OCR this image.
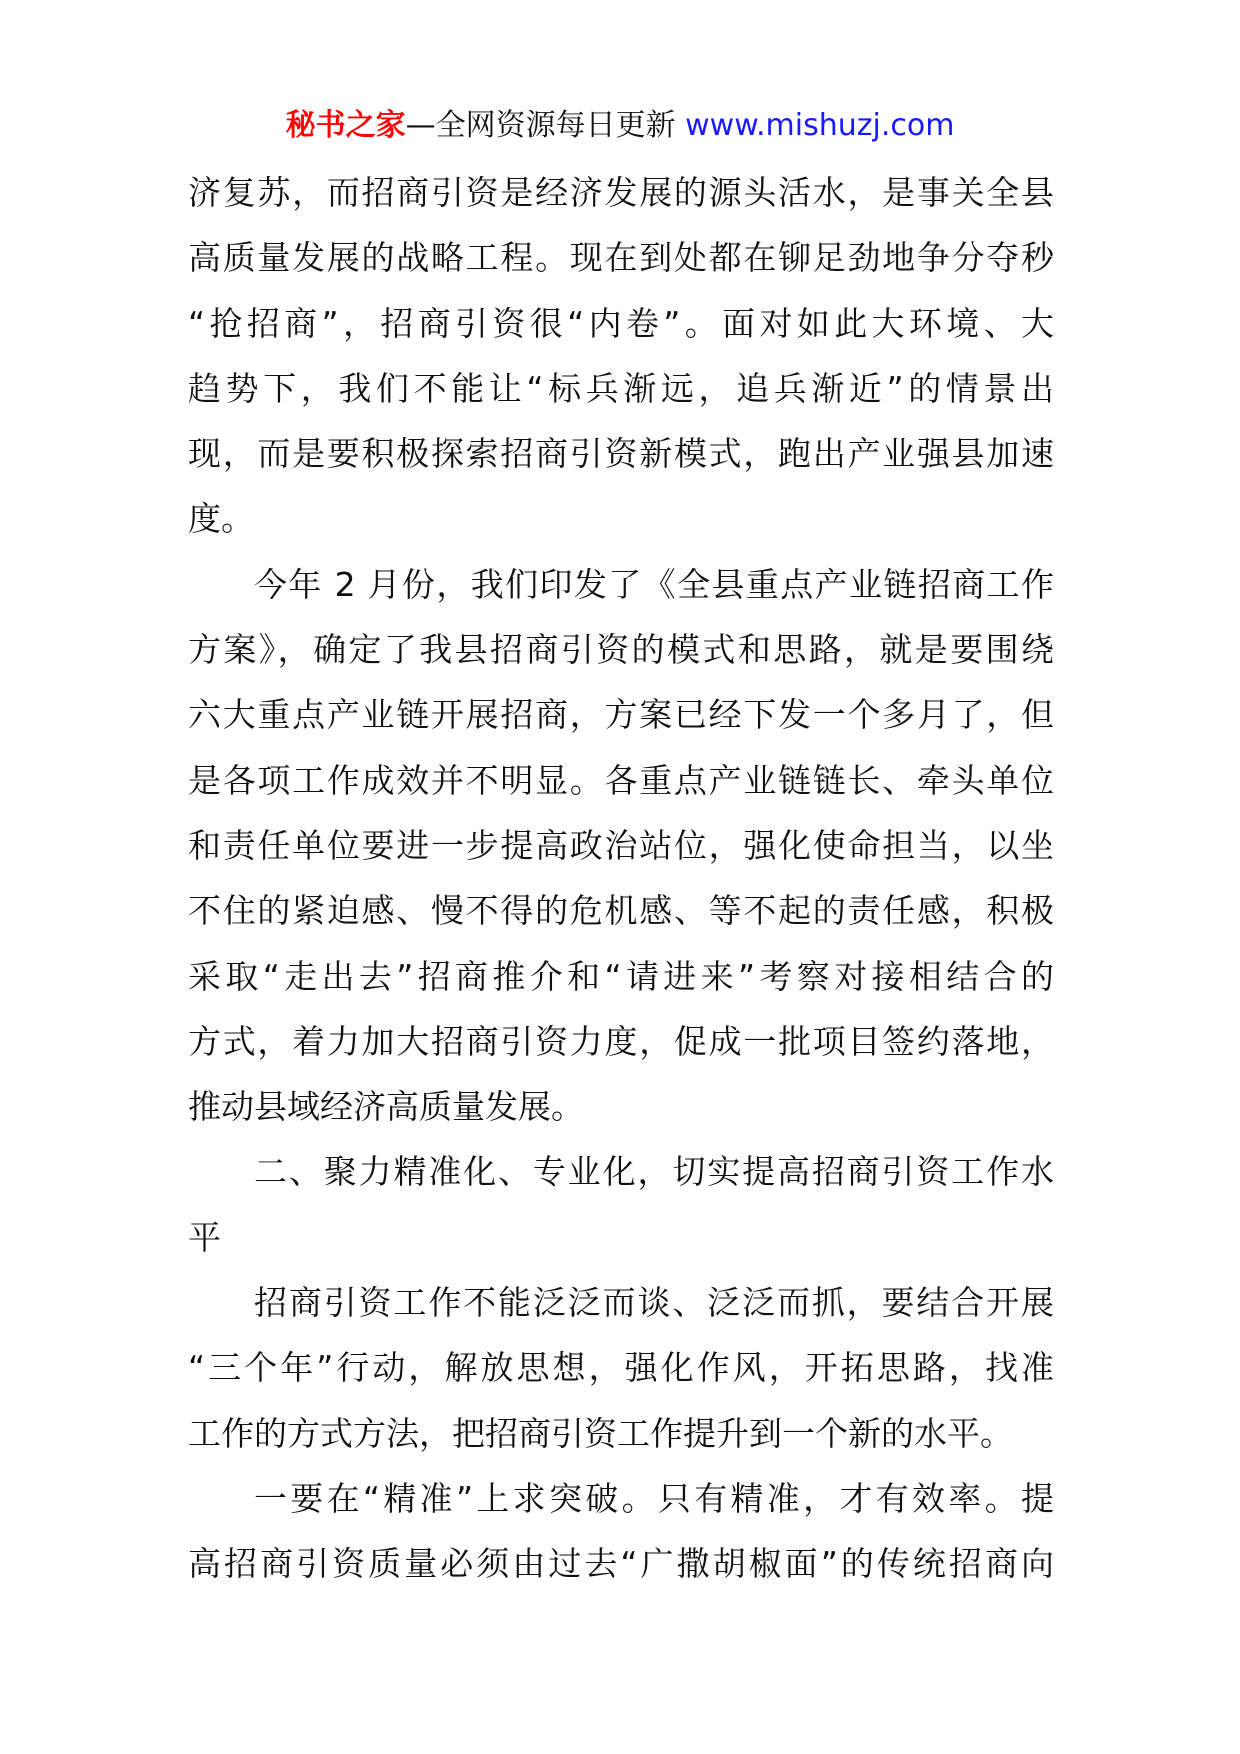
秘书之家—全网资源每日更新 www.mishuzj.com
济复苏，而招商引资是经济发展的源头活水，是事关全县
高质量发展的战略工程。现在到处都在铆足劲地争分夺秒
“抢招商”，招商引资很“内卷”。面对如此大环境、大
趋势下，我们不能让“标兵渐远，追兵渐近”的情景出
现，而是要积极探索招商引资新模式，跑出产业强县加速
度。
今年 2 月份，我们印发了《全县重点产业链招商工作
方案》，确定了我县招商引资的模式和思路，就是要围绕
六大重点产业链开展招商，方案已经下发一个多月了，但
是各项工作成效并不明显。各重点产业链链长、牵头单位
和责任单位要进一步提高政治站位，强化使命担当，以坐
不住的紧迫感、慢不得的危机感、等不起的责任感，积极
采取“走出去”招商推介和“请进来”考察对接相结合的
方式，着力加大招商引资力度，促成一批项目签约落地，
推动县域经济高质量发展。
二、聚力精准化、专业化，切实提高招商引资工作水
平
招商引资工作不能泛泛而谈、泛泛而抓，要结合开展
“三个年”行动，解放思想，强化作风，开拓思路，找准
工作的方式方法，把招商引资工作提升到一个新的水平。
一要在“精准”上求突破。只有精准，才有效率。提
高招商引资质量必须由过去“广撒胡椒面”的传统招商向
